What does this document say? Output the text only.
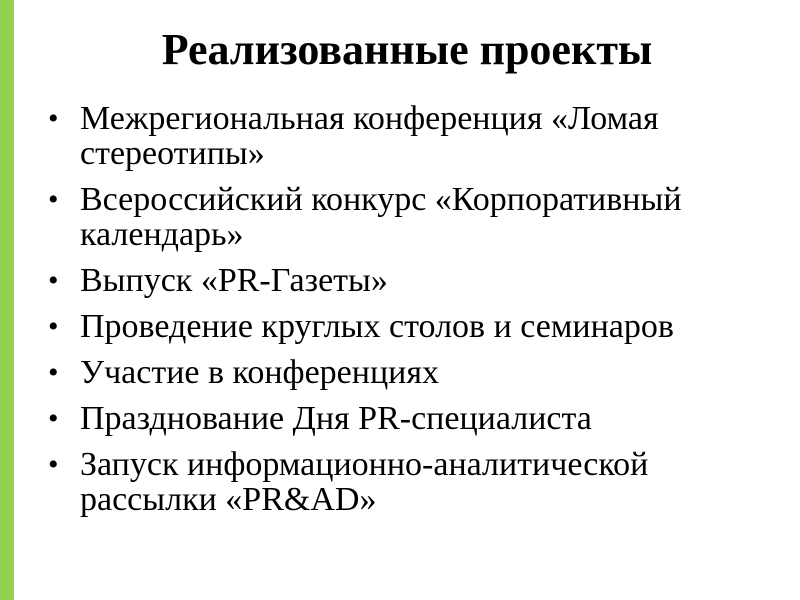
Реализованные проекты
• Межрегиональная конференция «Ломая стереотипы»
• Всероссийский конкурс «Корпоративный календарь»
• Выпуск «PR-Газеты»
• Проведение круглых столов и семинаров
• Участие в конференциях
• Празднование Дня PR-специалиста
• Запуск информационно-аналитической рассылки «PR&AD»
